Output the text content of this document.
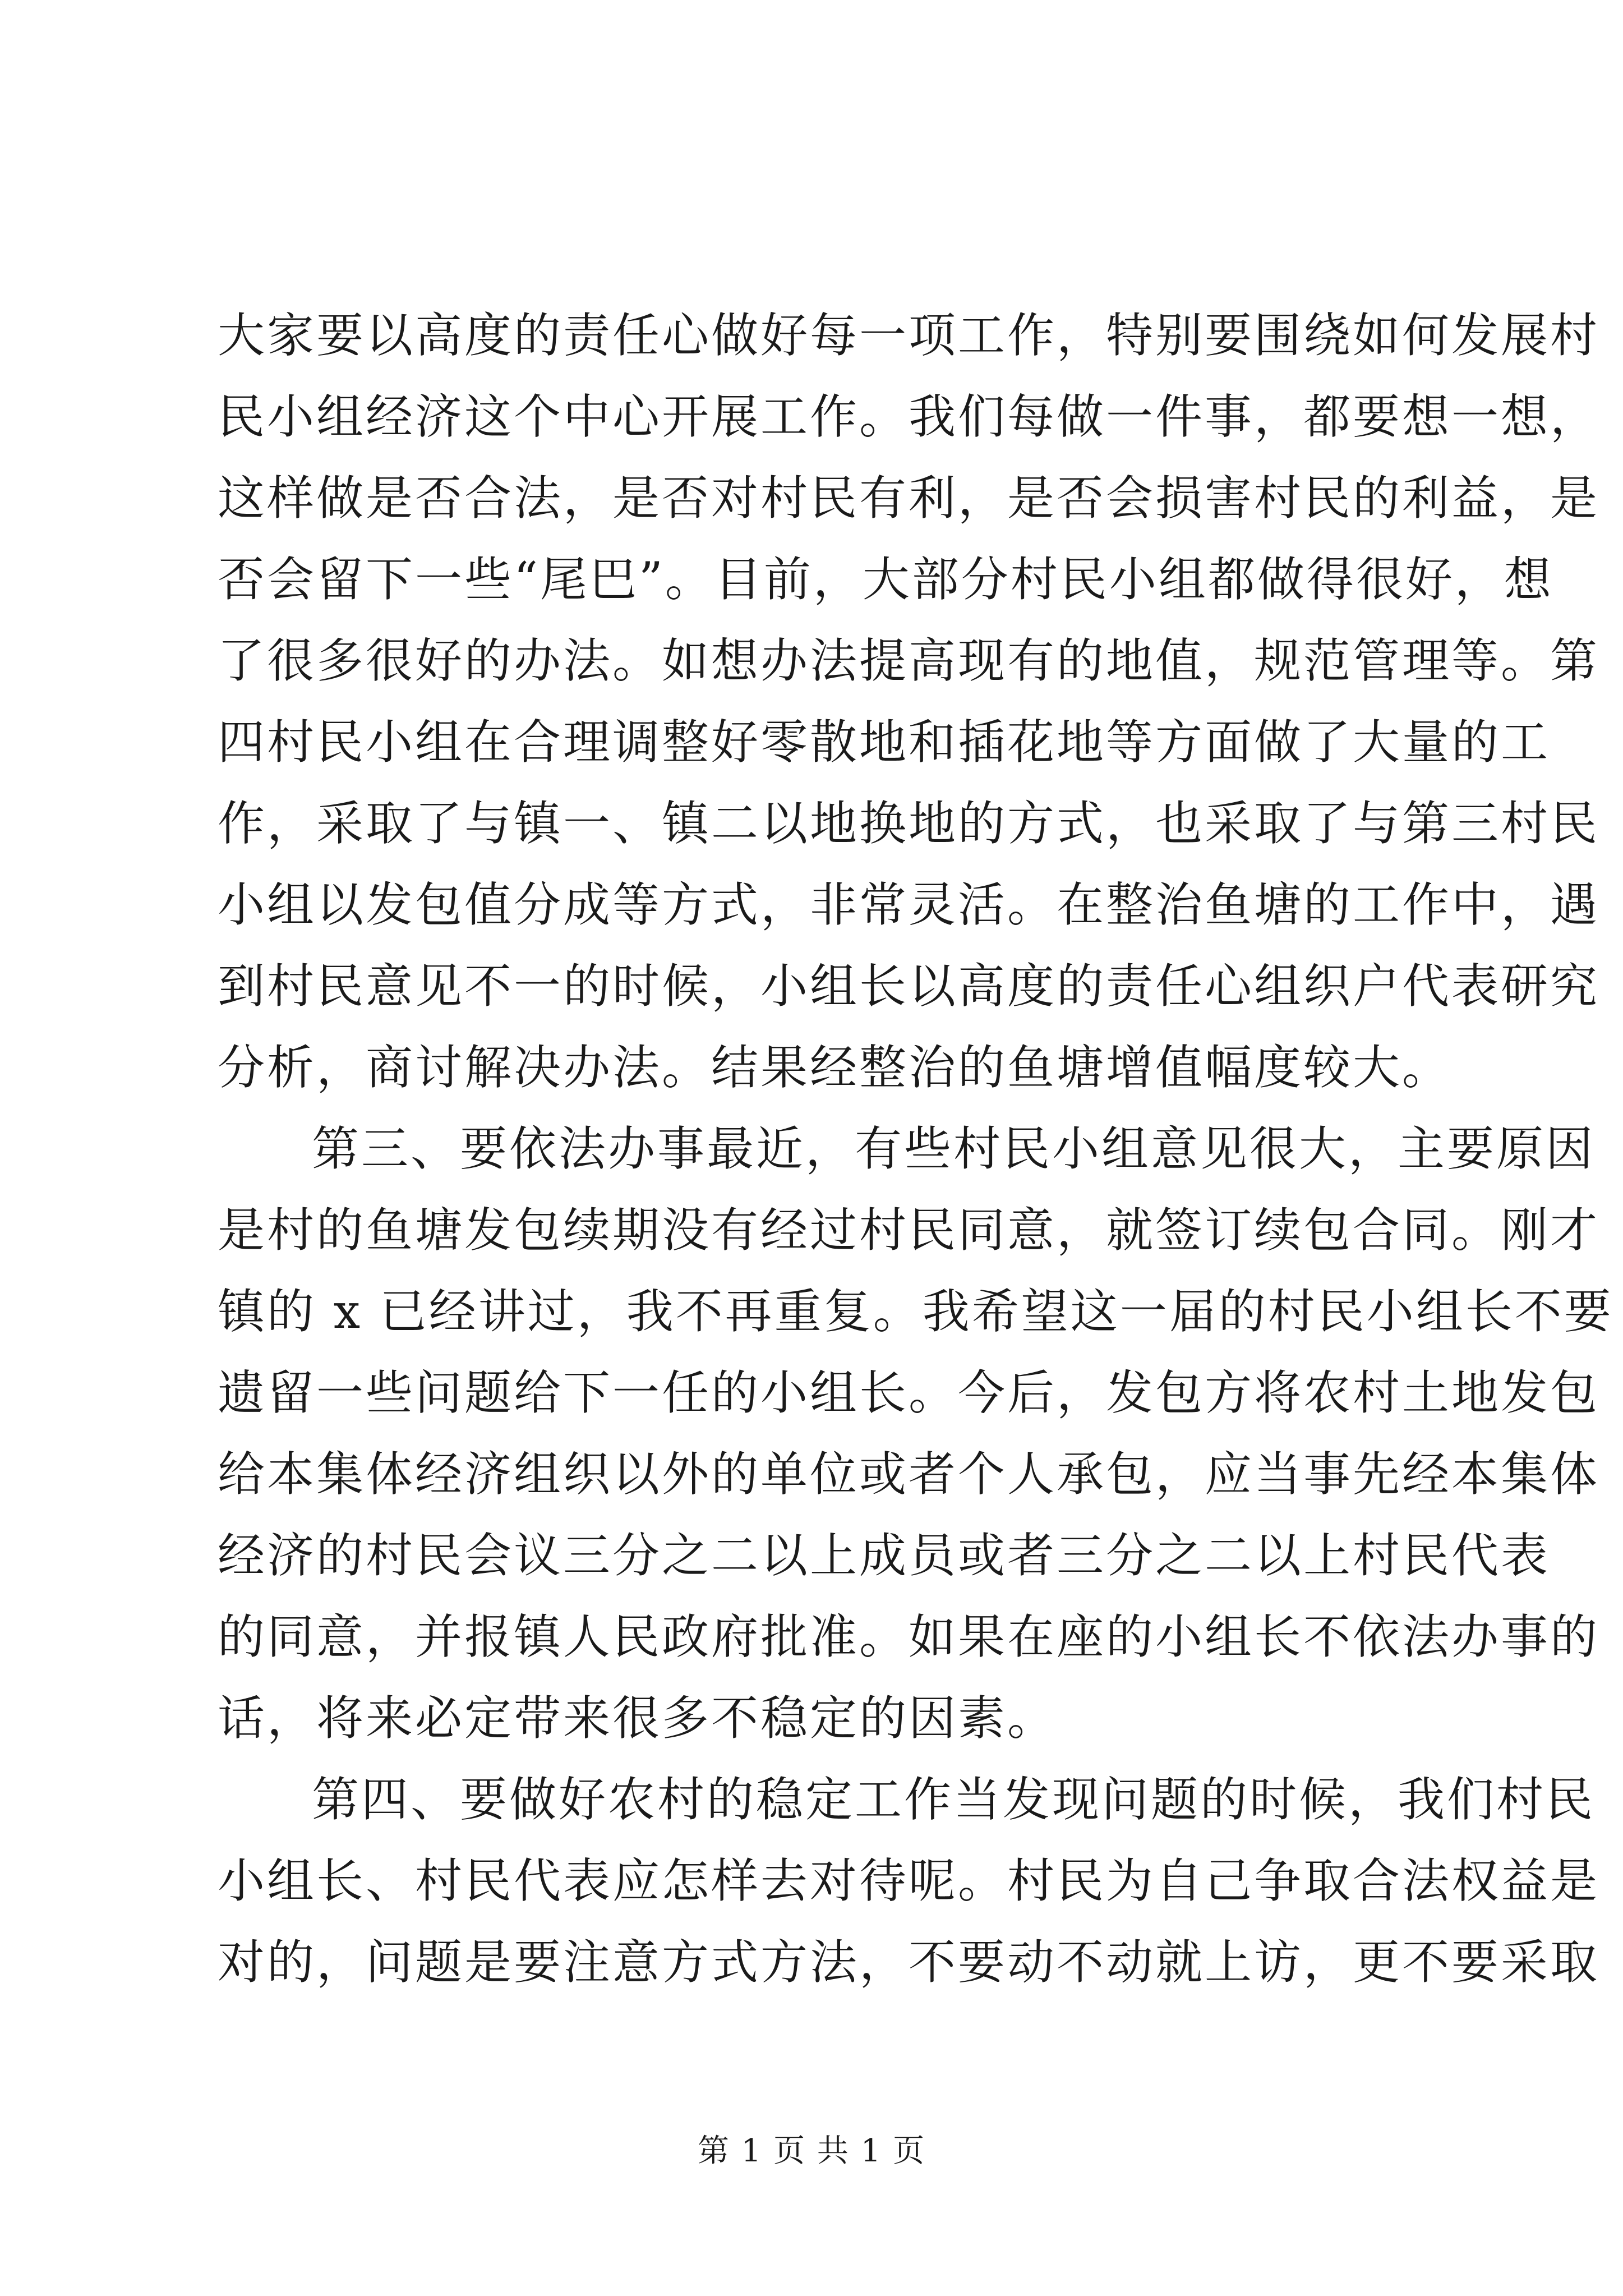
大家要以高度的责任心做好每一项工作，特别要围绕如何发展村
民小组经济这个中心开展工作。我们每做一件事，都要想一想，
这样做是否合法，是否对村民有利，是否会损害村民的利益，是
否会留下一些“尾巴”。目前，大部分村民小组都做得很好，想
了很多很好的办法。如想办法提高现有的地值，规范管理等。第
四村民小组在合理调整好零散地和插花地等方面做了大量的工
作，采取了与镇一、镇二以地换地的方式，也采取了与第三村民
小组以发包值分成等方式，非常灵活。在整治鱼塘的工作中，遇
到村民意见不一的时候，小组长以高度的责任心组织户代表研究
分析，商讨解决办法。结果经整治的鱼塘增值幅度较大。
第三、要依法办事最近，有些村民小组意见很大，主要原因
是村的鱼塘发包续期没有经过村民同意，就签订续包合同。刚才
镇的 x 已经讲过，我不再重复。我希望这一届的村民小组长不要
遗留一些问题给下一任的小组长。今后，发包方将农村土地发包
给本集体经济组织以外的单位或者个人承包，应当事先经本集体
经济的村民会议三分之二以上成员或者三分之二以上村民代表
的同意，并报镇人民政府批准。如果在座的小组长不依法办事的
话，将来必定带来很多不稳定的因素。
第四、要做好农村的稳定工作当发现问题的时候，我们村民
小组长、村民代表应怎样去对待呢。村民为自己争取合法权益是
对的，问题是要注意方式方法，不要动不动就上访，更不要采取
第 1 页 共 1 页
